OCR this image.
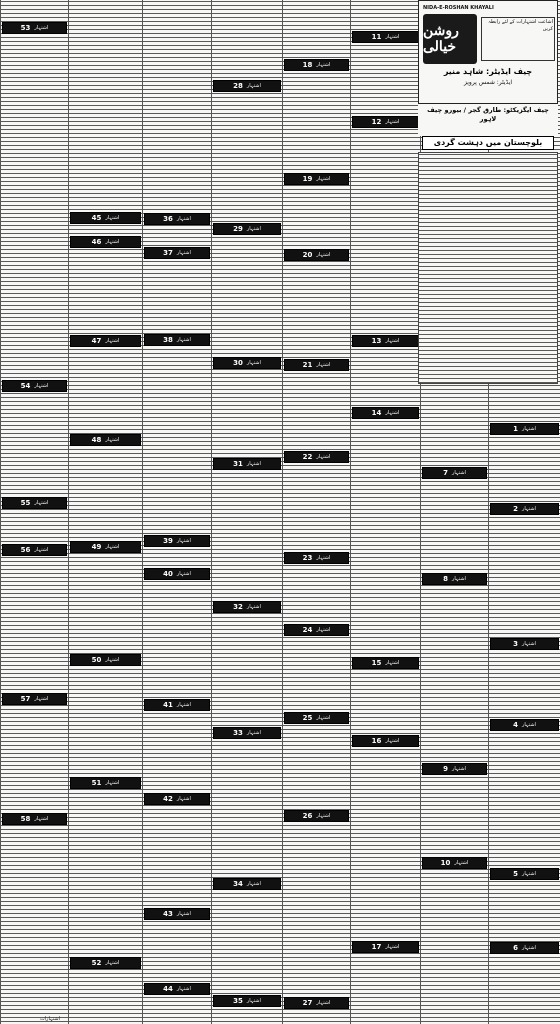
53 اشتہار
54 اشتہار
55 اشتہار
56 اشتہار
57 اشتہار
58 اشتہار
45 اشتہار
46 اشتہار
47 اشتہار
48 اشتہار
49 اشتہار
50 اشتہار
51 اشتہار
52 اشتہار
36 اشتہار
37 اشتہار
38 اشتہار
39 اشتہار
40 اشتہار
41 اشتہار
42 اشتہار
43 اشتہار
44 اشتہار
28 اشتہار
29 اشتہار
30 اشتہار
31 اشتہار
32 اشتہار
33 اشتہار
34 اشتہار
35 اشتہار
18 اشتہار
19 اشتہار
20 اشتہار
21 اشتہار
22 اشتہار
23 اشتہار
24 اشتہار
25 اشتہار
26 اشتہار
27 اشتہار
11 اشتہار
12 اشتہار
13 اشتہار
14 اشتہار
15 اشتہار
16 اشتہار
17 اشتہار
7 اشتہار
8 اشتہار
9 اشتہار
10 اشتہار
1 اشتہار
2 اشتہار
3 اشتہار
4 اشتہار
5 اشتہار
6 اشتہار
NIDA-E-ROSHAN KHAYALI
روشن خیالی
اشاعت اشتہارات کے لئے رابطہ کریں
چیف ایڈیٹر: شاہد منیر
ایڈیٹر: شمس پرویز
چیف ایگزیکٹو: طارق گجر / بیورو چیف لاہور
بلوچستان میں دہشت گردی
اشتہارات
